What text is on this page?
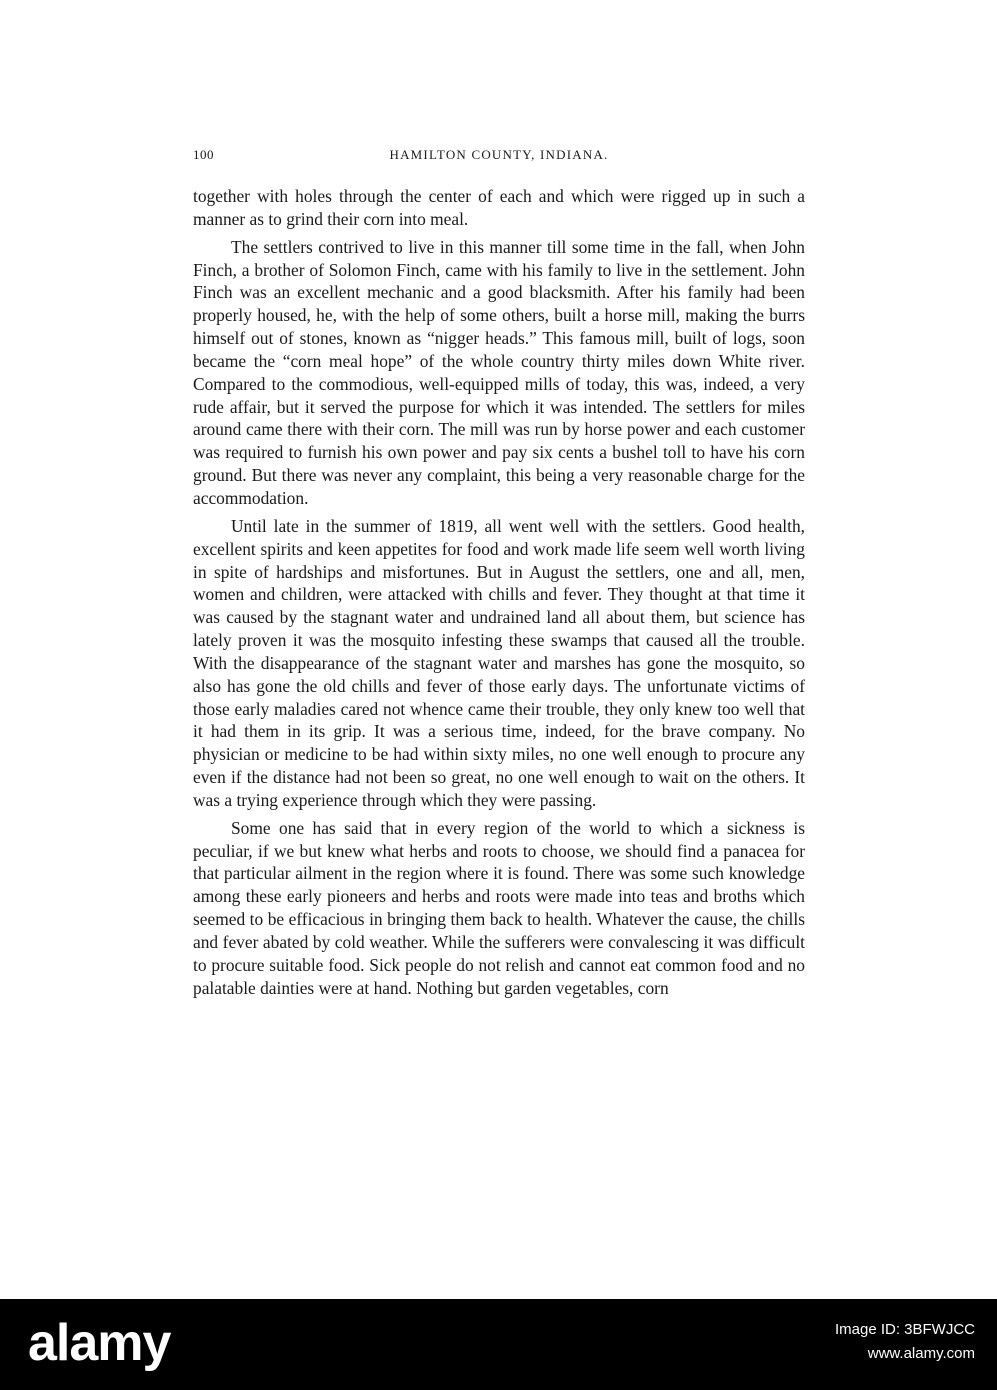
100	HAMILTON COUNTY, INDIANA.

together with holes through the center of each and which were rigged up in such a manner as to grind their corn into meal.

The settlers contrived to live in this manner till some time in the fall, when John Finch, a brother of Solomon Finch, came with his family to live in the settlement. John Finch was an excellent mechanic and a good blacksmith. After his family had been properly housed, he, with the help of some others, built a horse mill, making the burrs himself out of stones, known as “nigger heads.” This famous mill, built of logs, soon became the “corn meal hope” of the whole country thirty miles down White river. Compared to the commodious, well-equipped mills of today, this was, indeed, a very rude affair, but it served the purpose for which it was intended. The settlers for miles around came there with their corn. The mill was run by horse power and each customer was required to furnish his own power and pay six cents a bushel toll to have his corn ground. But there was never any complaint, this being a very reasonable charge for the accommodation.

Until late in the summer of 1819, all went well with the settlers. Good health, excellent spirits and keen appetites for food and work made life seem well worth living in spite of hardships and misfortunes. But in August the settlers, one and all, men, women and children, were attacked with chills and fever. They thought at that time it was caused by the stagnant water and undrained land all about them, but science has lately proven it was the mosquito infesting these swamps that caused all the trouble. With the disappearance of the stagnant water and marshes has gone the mosquito, so also has gone the old chills and fever of those early days. The unfortunate victims of those early maladies cared not whence came their trouble, they only knew too well that it had them in its grip. It was a serious time, indeed, for the brave company. No physician or medicine to be had within sixty miles, no one well enough to procure any even if the distance had not been so great, no one well enough to wait on the others. It was a trying experience through which they were passing.

Some one has said that in every region of the world to which a sickness is peculiar, if we but knew what herbs and roots to choose, we should find a panacea for that particular ailment in the region where it is found. There was some such knowledge among these early pioneers and herbs and roots were made into teas and broths which seemed to be efficacious in bringing them back to health. Whatever the cause, the chills and fever abated by cold weather. While the sufferers were convalescing it was difficult to procure suitable food. Sick people do not relish and cannot eat common food and no palatable dainties were at hand. Nothing but garden vegetables, corn

alamy	Image ID: 3BFWJCC
www.alamy.com
